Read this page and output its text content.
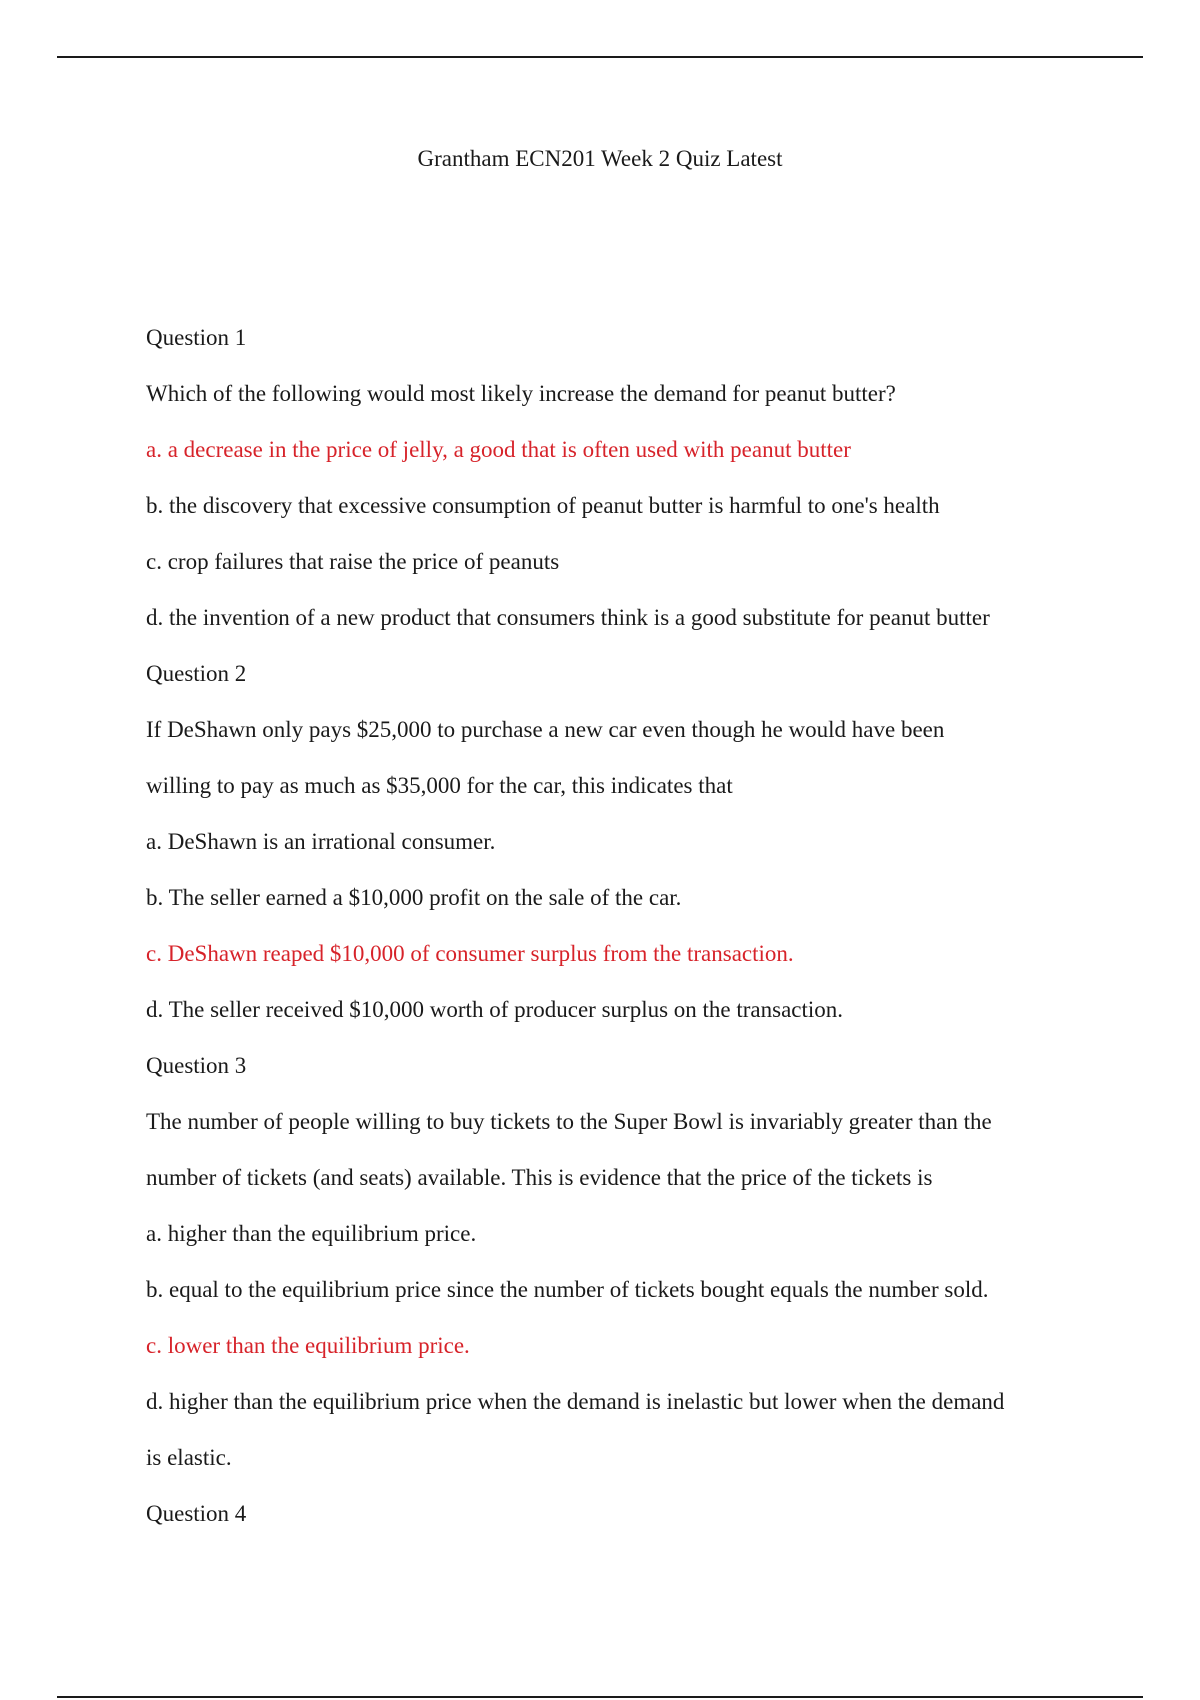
Grantham ECN201 Week 2 Quiz Latest
Question 1
Which of the following would most likely increase the demand for peanut butter?
a. a decrease in the price of jelly, a good that is often used with peanut butter
b. the discovery that excessive consumption of peanut butter is harmful to one's health
c. crop failures that raise the price of peanuts
d. the invention of a new product that consumers think is a good substitute for peanut butter
Question 2
If DeShawn only pays $25,000 to purchase a new car even though he would have been
willing to pay as much as $35,000 for the car, this indicates that
a. DeShawn is an irrational consumer.
b. The seller earned a $10,000 profit on the sale of the car.
c. DeShawn reaped $10,000 of consumer surplus from the transaction.
d. The seller received $10,000 worth of producer surplus on the transaction.
Question 3
The number of people willing to buy tickets to the Super Bowl is invariably greater than the
number of tickets (and seats) available. This is evidence that the price of the tickets is
a. higher than the equilibrium price.
b. equal to the equilibrium price since the number of tickets bought equals the number sold.
c. lower than the equilibrium price.
d. higher than the equilibrium price when the demand is inelastic but lower when the demand
is elastic.
Question 4
